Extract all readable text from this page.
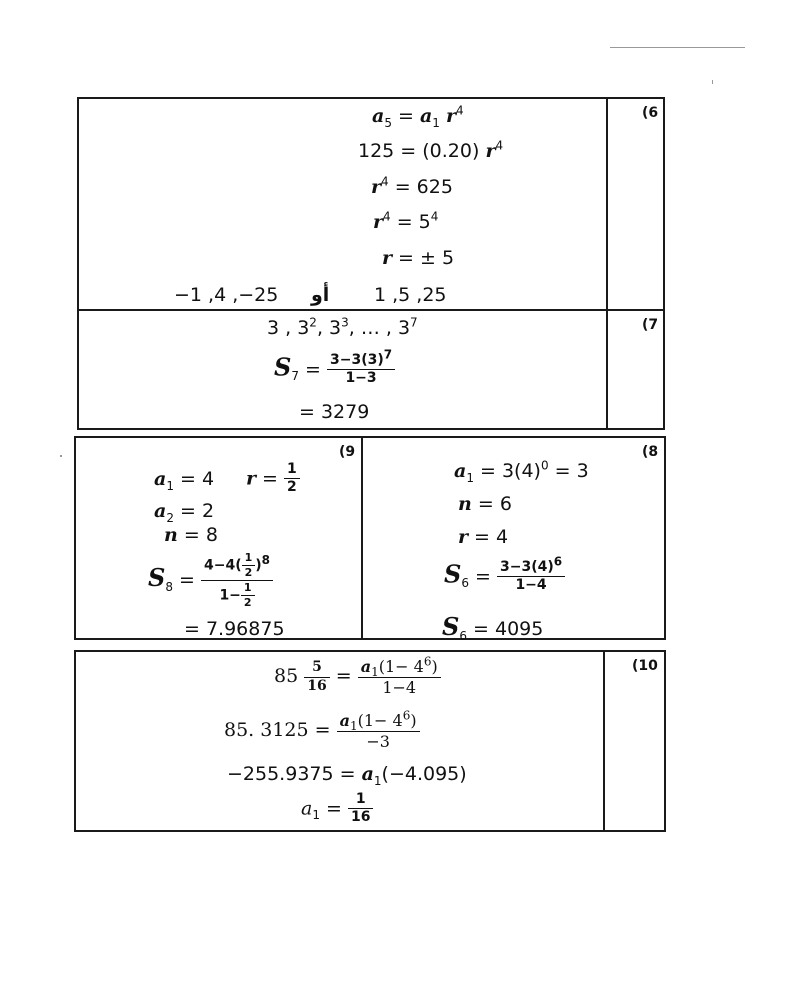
(6
$a_5 = a_1$ $r^4$
125 = (0.20) $r^4$
$r^4 = 625$
$r^4 = 5^4$
r = ± 5
−1 ,4 ,−25 أو 1 ,5 ,25
(7
3 , $3^2$, $3^3$, … , $3^7$
$S_7 = \frac{3-3(3)^7}{1-3}$
= 3279
(9
$a_1 = 4$ $r = \frac{1}{2}$
$a_2 = 2$
n = 8
$S_8 = \frac{4-4( \frac{1}{2} )^8}{1- \frac{1}{2}}$
= 7.96875
(8
$a_1 = 3(4)^0 = 3$
n = 6
r = 4
$S_6 = \frac{3-3(4)^6}{1-4}$
$S_6 = 4095$
(10
$85 \frac{5}{16} = \frac{a_1(1- 4^6)}{1-4}$
85. $3125 = \frac{a_1(1- 4^6)}{-3}$
$-255.9375 = a_1(-4.095)$
$a_1 = \frac{1}{16}$
